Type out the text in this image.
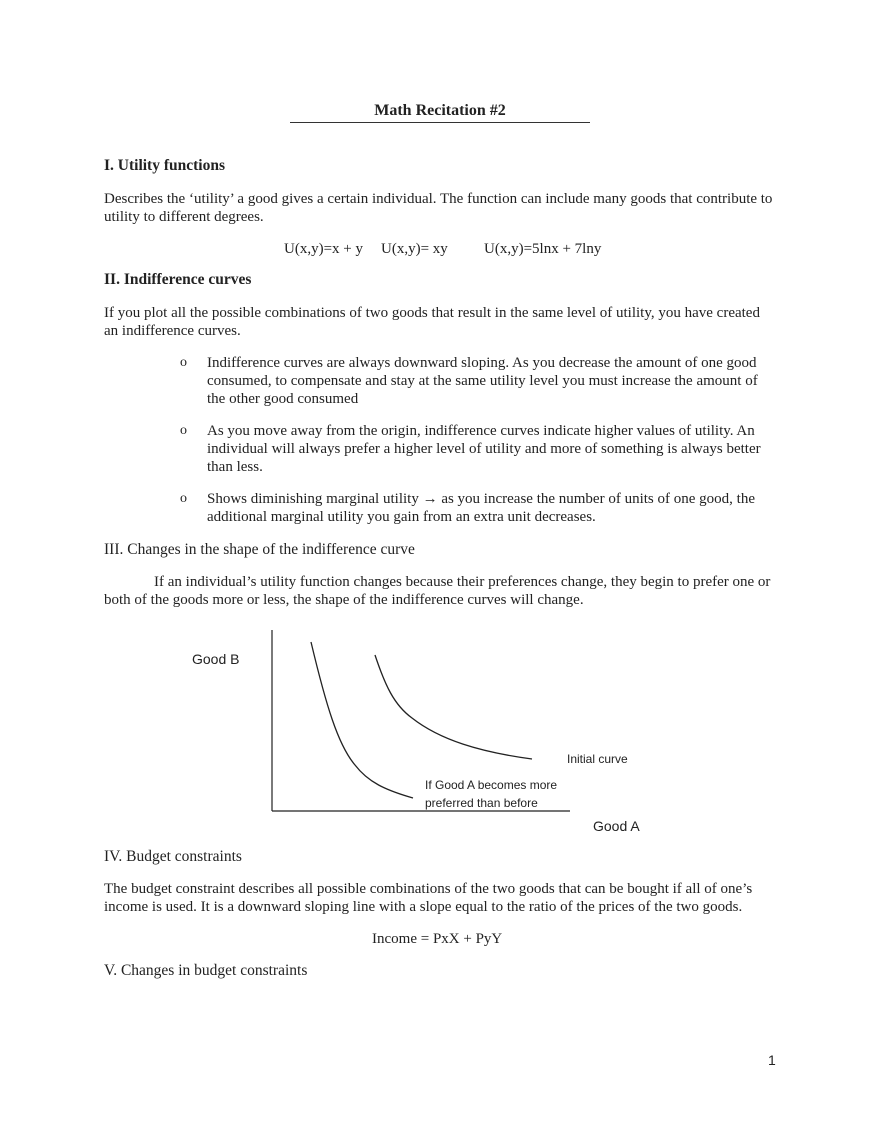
Math Recitation #2
I. Utility functions
Describes the ‘utility’ a good gives a certain individual. The function can include many goods that contribute to utility to different degrees.
U(x,y)=x + y U(x,y)= xy U(x,y)=5lnx + 7lny
II. Indifference curves
If you plot all the possible combinations of two goods that result in the same level of utility, you have created an indifference curves.
o Indifference curves are always downward sloping. As you decrease the amount of one good consumed, to compensate and stay at the same utility level you must increase the amount of the other good consumed
o As you move away from the origin, indifference curves indicate higher values of utility. An individual will always prefer a higher level of utility and more of something is always better than less.
o Shows diminishing marginal utility → as you increase the number of units of one good, the additional marginal utility you gain from an extra unit decreases.
III. Changes in the shape of the indifference curve
If an individual’s utility function changes because their preferences change, they begin to prefer one or both of the goods more or less, the shape of the indifference curves will change.
Good B
Initial curve
If Good A becomes more
preferred than before
Good A
IV. Budget constraints
The budget constraint describes all possible combinations of the two goods that can be bought if all of one’s income is used. It is a downward sloping line with a slope equal to the ratio of the prices of the two goods.
Income = PxX + PyY
V. Changes in budget constraints
1
